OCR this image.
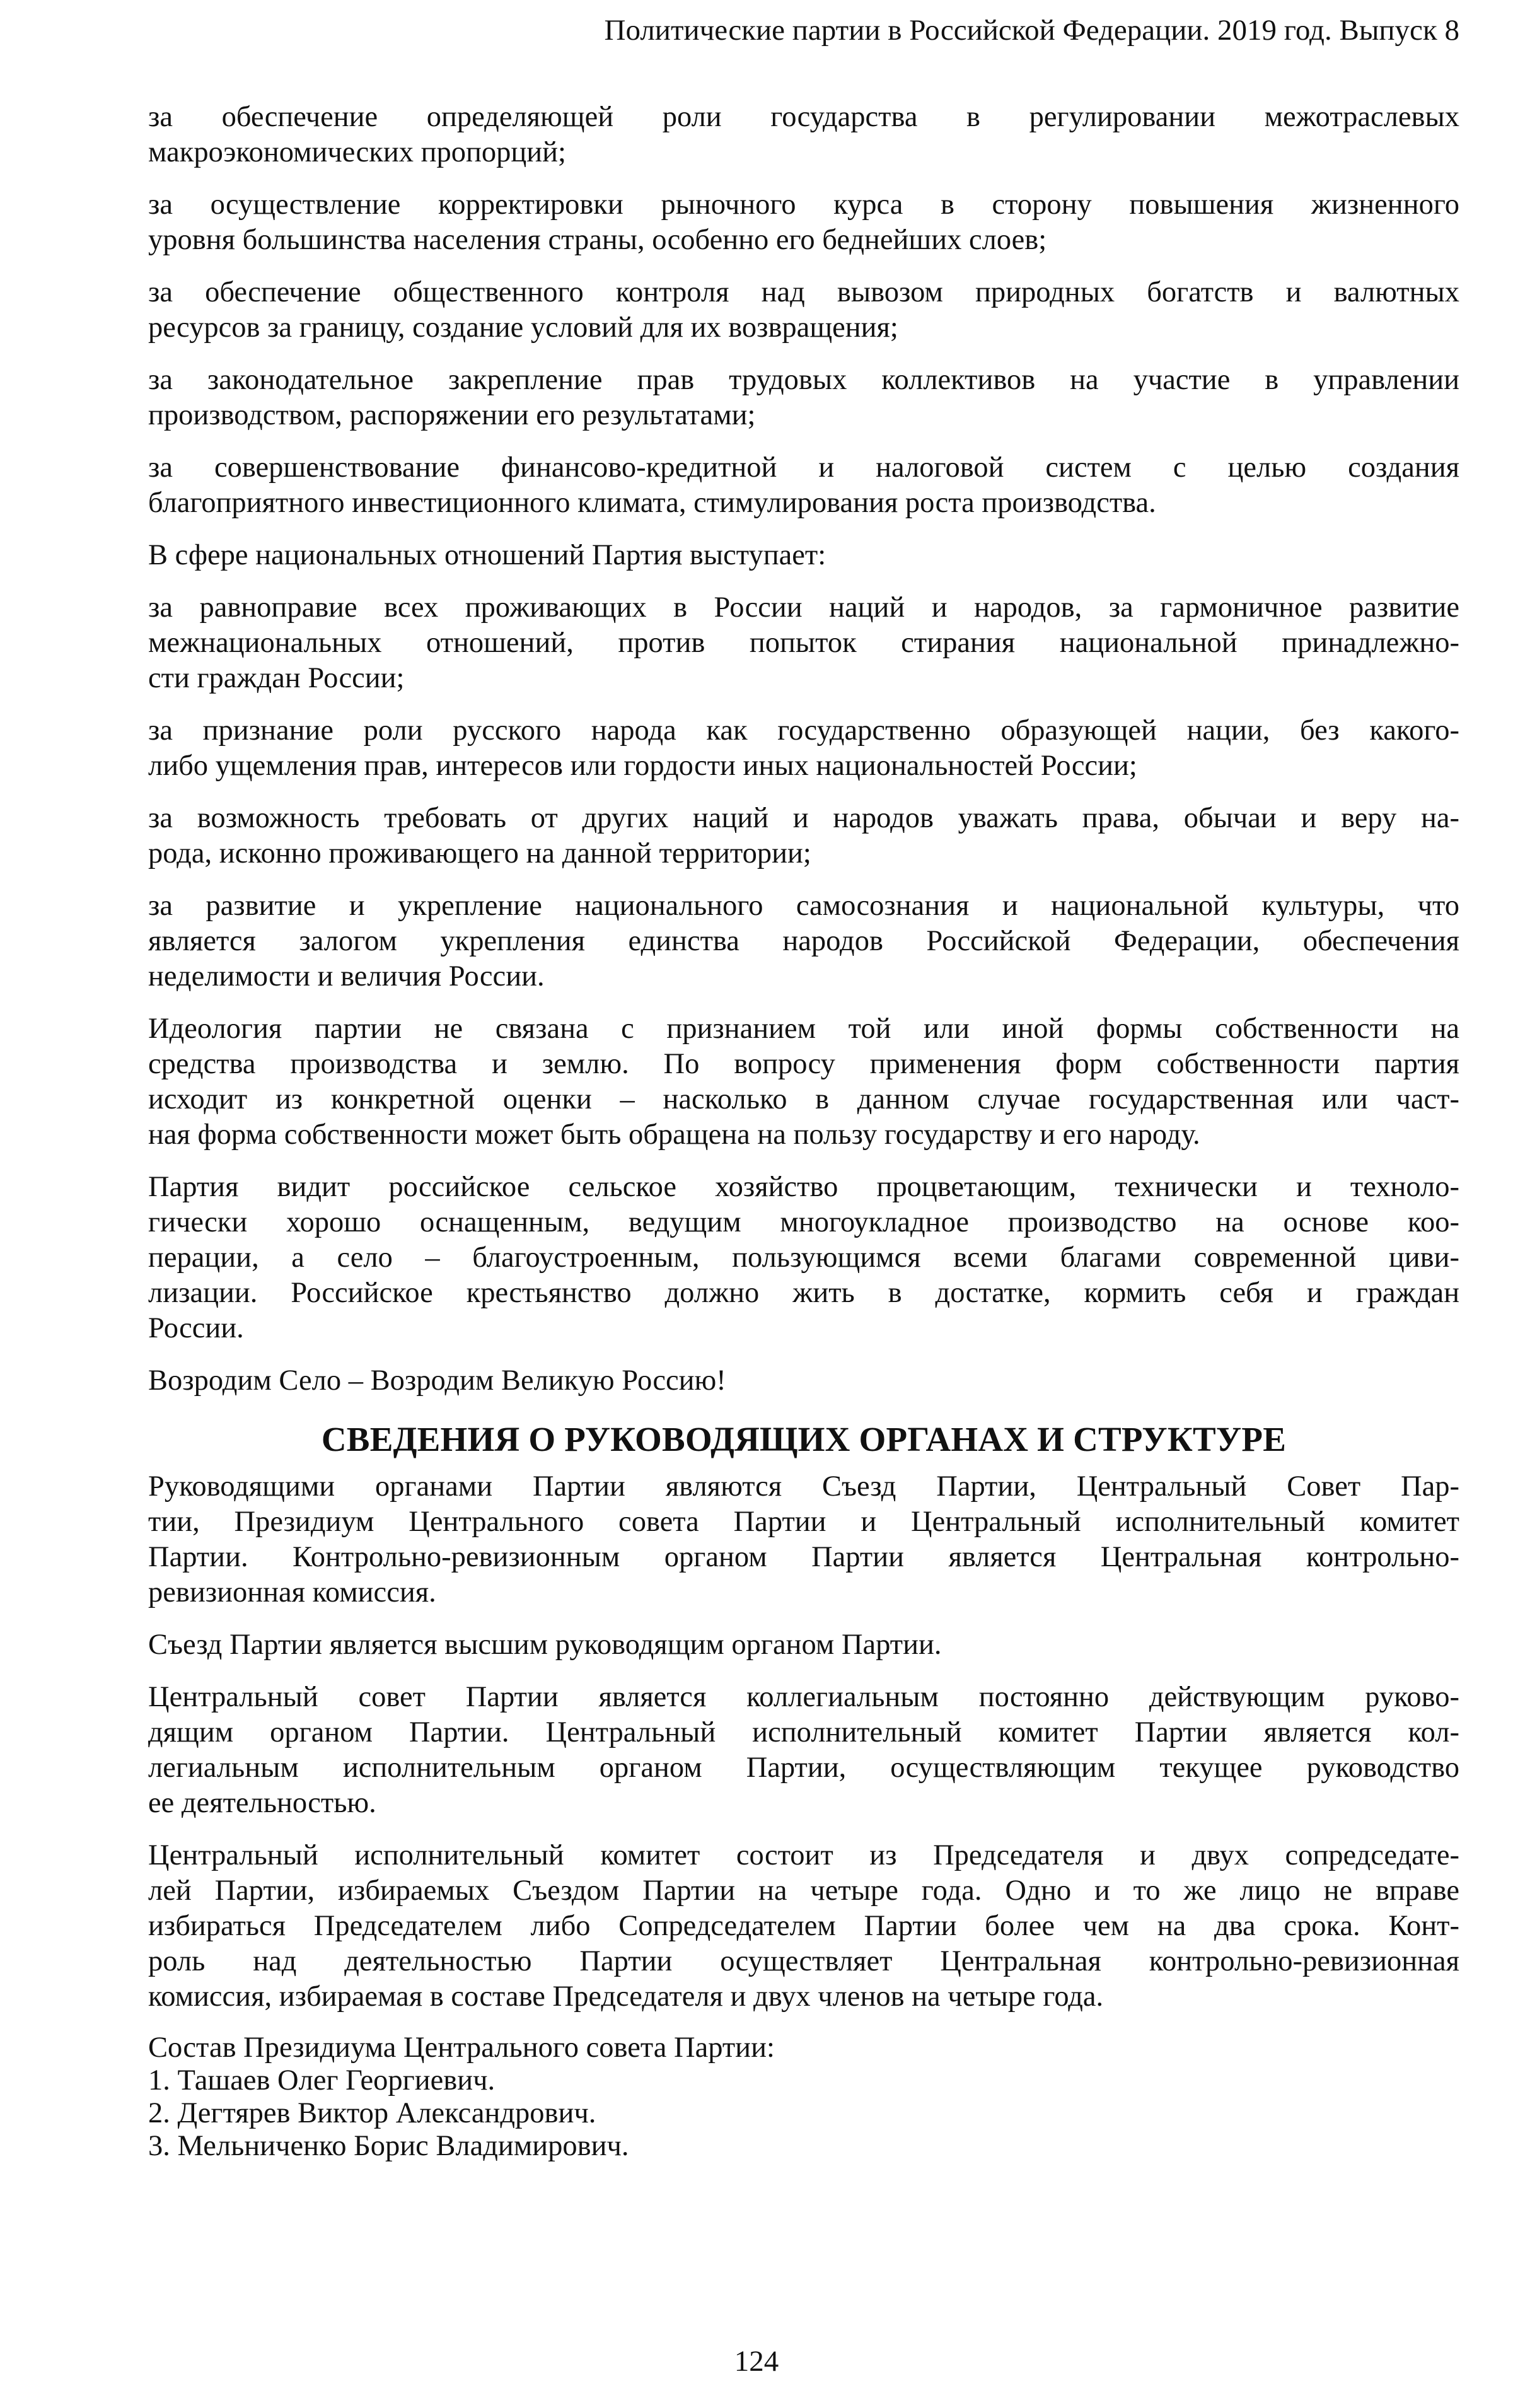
Политические партии в Российской Федерации. 2019 год. Выпуск 8
за обеспечение определяющей роли государства в регулировании межотраслевых
макроэкономических пропорций;
за осуществление корректировки рыночного курса в сторону повышения жизненного
уровня большинства населения страны, особенно его беднейших слоев;
за обеспечение общественного контроля над вывозом природных богатств и валютных
ресурсов за границу, создание условий для их возвращения;
за законодательное закрепление прав трудовых коллективов на участие в управлении
производством, распоряжении его результатами;
за совершенствование финансово-кредитной и налоговой систем с целью создания
благоприятного инвестиционного климата, стимулирования роста производства.
В сфере национальных отношений Партия выступает:
за равноправие всех проживающих в России наций и народов, за гармоничное развитие
межнациональных отношений, против попыток стирания национальной принадлежно-
сти граждан России;
за признание роли русского народа как государственно образующей нации, без какого-
либо ущемления прав, интересов или гордости иных национальностей России;
за возможность требовать от других наций и народов уважать права, обычаи и веру на-
рода, исконно проживающего на данной территории;
за развитие и укрепление национального самосознания и национальной культуры, что
является залогом укрепления единства народов Российской Федерации, обеспечения
неделимости и величия России.
Идеология партии не связана с признанием той или иной формы собственности на
средства производства и землю. По вопросу применения форм собственности партия
исходит из конкретной оценки – насколько в данном случае государственная или част-
ная форма собственности может быть обращена на пользу государству и его народу.
Партия видит российское сельское хозяйство процветающим, технически и техноло-
гически хорошо оснащенным, ведущим многоукладное производство на основе коо-
перации, а село – благоустроенным, пользующимся всеми благами современной циви-
лизации. Российское крестьянство должно жить в достатке, кормить себя и граждан
России.
Возродим Село – Возродим Великую Россию!
СВЕДЕНИЯ О РУКОВОДЯЩИХ ОРГАНАХ И СТРУКТУРЕ
Руководящими органами Партии являются Съезд Партии, Центральный Совет Пар-
тии, Президиум Центрального совета Партии и Центральный исполнительный комитет
Партии. Контрольно-ревизионным органом Партии является Центральная контрольно-
ревизионная комиссия.
Съезд Партии является высшим руководящим органом Партии.
Центральный совет Партии является коллегиальным постоянно действующим руково-
дящим органом Партии. Центральный исполнительный комитет Партии является кол-
легиальным исполнительным органом Партии, осуществляющим текущее руководство
ее деятельностью.
Центральный исполнительный комитет состоит из Председателя и двух сопредседате-
лей Партии, избираемых Съездом Партии на четыре года. Одно и то же лицо не вправе
избираться Председателем либо Сопредседателем Партии более чем на два срока. Конт-
роль над деятельностью Партии осуществляет Центральная контрольно-ревизионная
комиссия, избираемая в составе Председателя и двух членов на четыре года.
Состав Президиума Центрального совета Партии:
1. Ташаев Олег Георгиевич.
2. Дегтярев Виктор Александрович.
3. Мельниченко Борис Владимирович.
124
